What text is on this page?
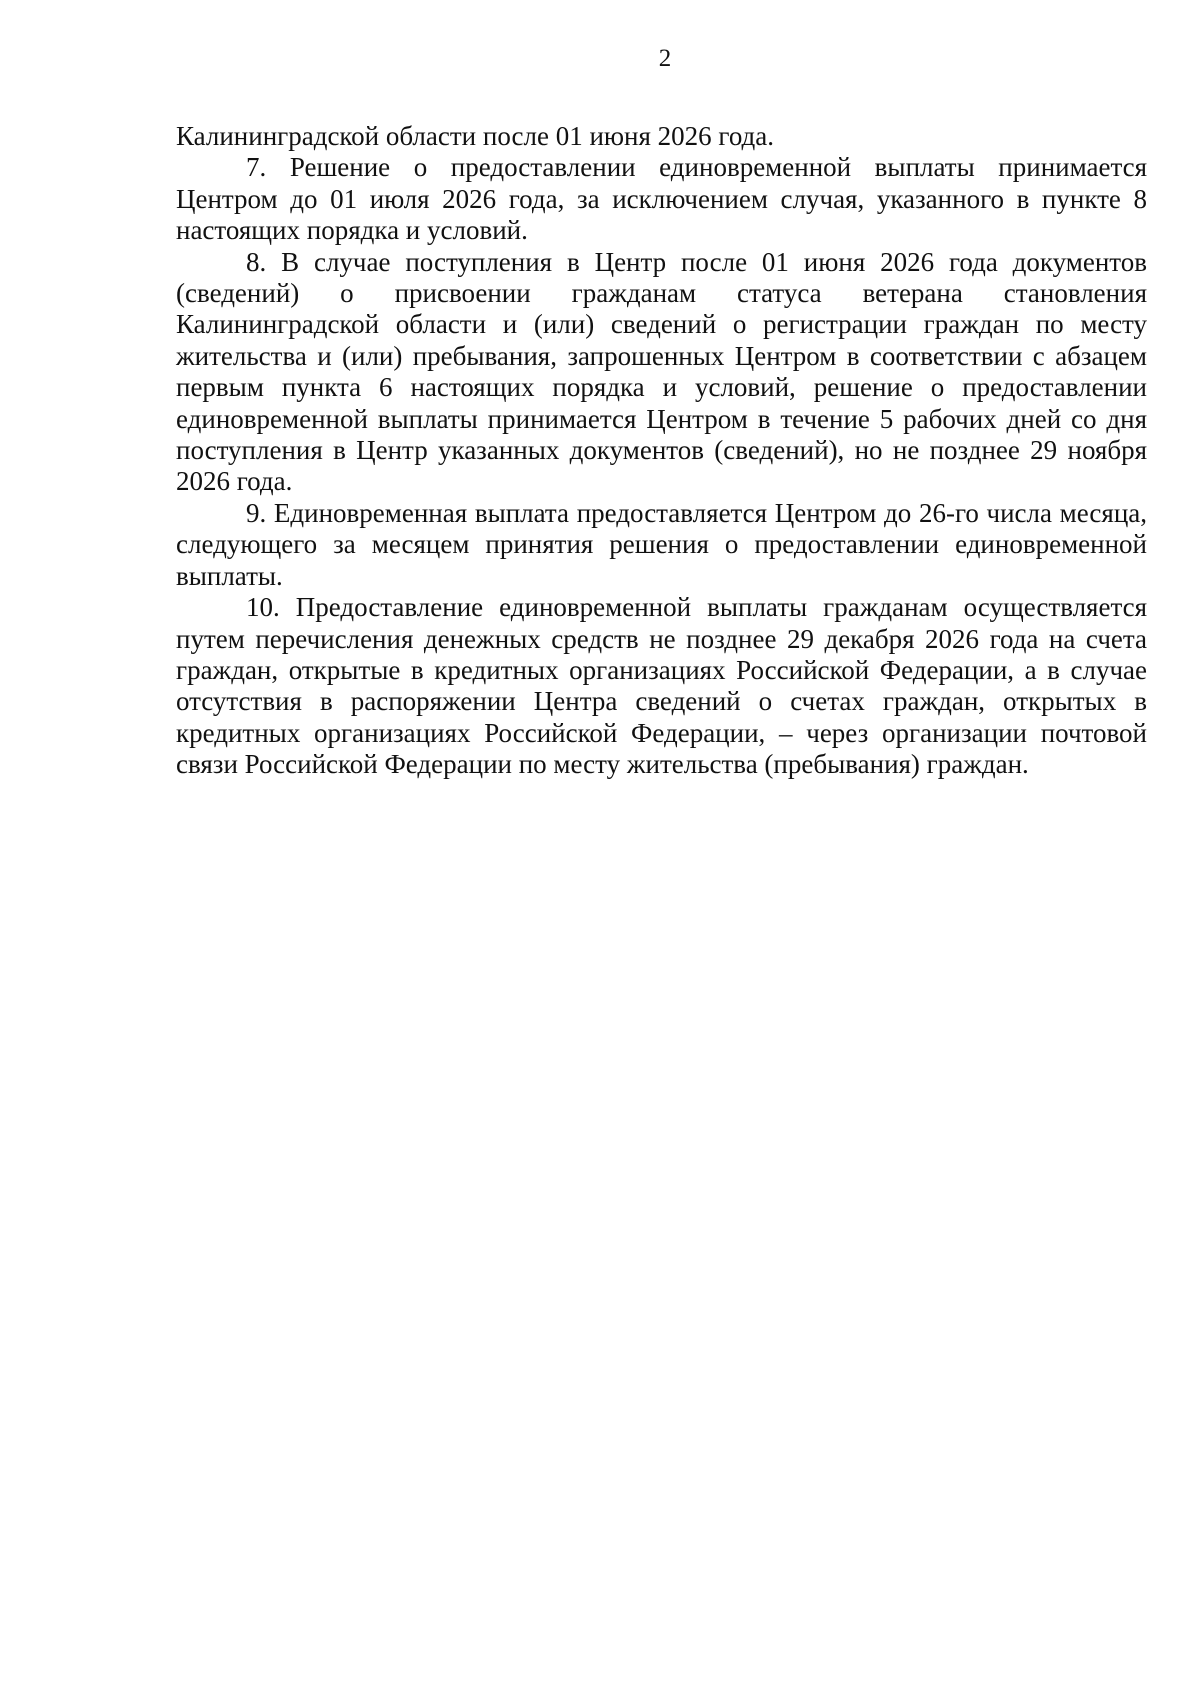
2

Калининградской области после 01 июня 2026 года.

7. Решение о предоставлении единовременной выплаты принимается Центром до 01 июля 2026 года, за исключением случая, указанного в пункте 8 настоящих порядка и условий.

8. В случае поступления в Центр после 01 июня 2026 года документов (сведений) о присвоении гражданам статуса ветерана становления Калининградской области и (или) сведений о регистрации граждан по месту жительства и (или) пребывания, запрошенных Центром в соответствии с абзацем первым пункта 6 настоящих порядка и условий, решение о предоставлении единовременной выплаты принимается Центром в течение 5 рабочих дней со дня поступления в Центр указанных документов (сведений), но не позднее 29 ноября 2026 года.

9. Единовременная выплата предоставляется Центром до 26-го числа месяца, следующего за месяцем принятия решения о предоставлении единовременной выплаты.

10. Предоставление единовременной выплаты гражданам осуществляется путем перечисления денежных средств не позднее 29 декабря 2026 года на счета граждан, открытые в кредитных организациях Российской Федерации, а в случае отсутствия в распоряжении Центра сведений о счетах граждан, открытых в кредитных организациях Российской Федерации, – через организации почтовой связи Российской Федерации по месту жительства (пребывания) граждан.
